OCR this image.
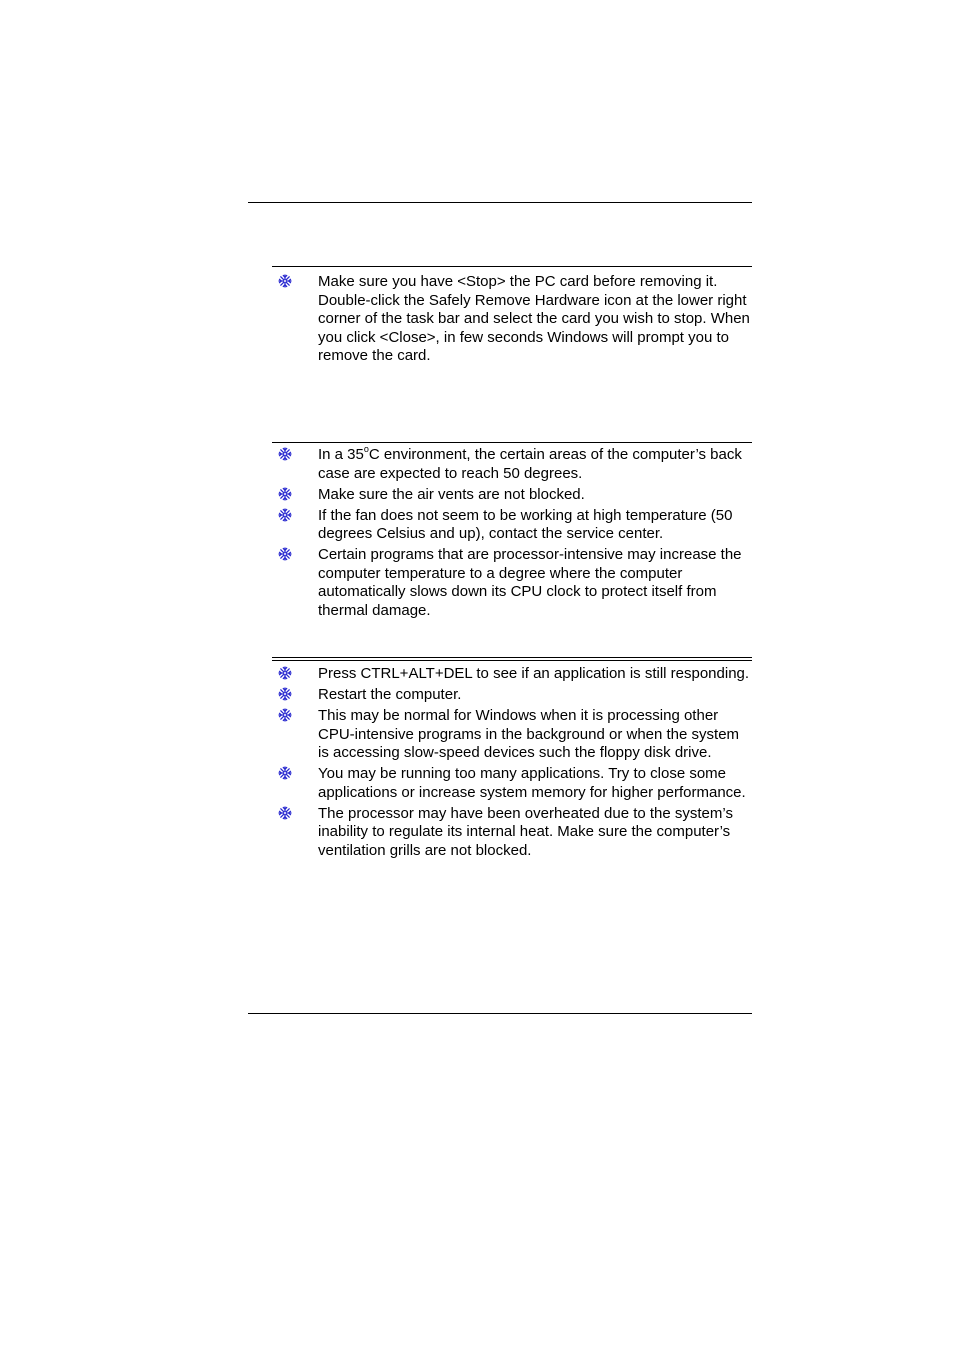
Make sure you have <Stop> the PC card before removing it. Double-click the Safely Remove Hardware icon at the lower right corner of the task bar and select the card you wish to stop. When you click <Close>, in few seconds Windows will prompt you to remove the card.
In a 35$^o$C environment, the certain areas of the computer’s back case are expected to reach 50 degrees.
Make sure the air vents are not blocked.
If the fan does not seem to be working at high temperature (50 degrees Celsius and up), contact the service center.
Certain programs that are processor-intensive may increase the computer temperature to a degree where the computer automatically slows down its CPU clock to protect itself from thermal damage.
Press CTRL+ALT+DEL to see if an application is still responding.
Restart the computer.
This may be normal for Windows when it is processing other CPU-intensive programs in the background or when the system is accessing slow-speed devices such the floppy disk drive.
You may be running too many applications. Try to close some applications or increase system memory for higher performance.
The processor may have been overheated due to the system’s inability to regulate its internal heat. Make sure the computer’s ventilation grills are not blocked.
